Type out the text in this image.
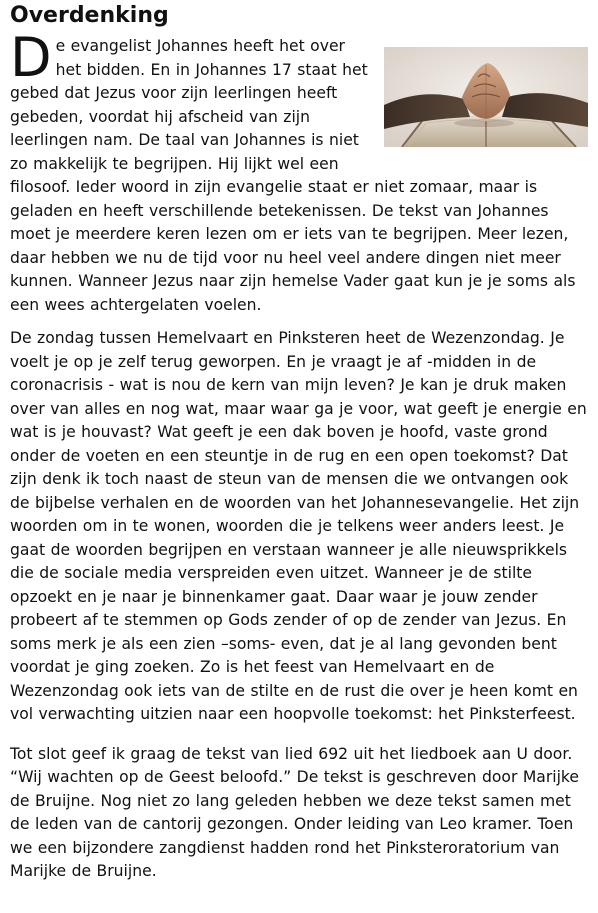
Overdenking
D e evangelist Johannes heeft het over het bidden. En in Johannes 17 staat het gebed dat Jezus voor zijn leerlingen heeft gebeden, voordat hij afscheid van zijn leerlingen nam. De taal van Johannes is niet zo makkelijk te begrijpen. Hij lijkt wel een filosoof. Ieder woord in zijn evangelie staat er niet zomaar, maar is geladen en heeft verschillende betekenissen. De tekst van Johannes moet je meerdere keren lezen om er iets van te begrijpen. Meer lezen, daar hebben we nu de tijd voor nu heel veel andere dingen niet meer kunnen. Wanneer Jezus naar zijn hemelse Vader gaat kun je je soms als een wees achtergelaten voelen.

De zondag tussen Hemelvaart en Pinksteren heet de Wezenzondag. Je voelt je op je zelf terug geworpen. En je vraagt je af -midden in de coronacrisis - wat is nou de kern van mijn leven? Je kan je druk maken over van alles en nog wat, maar waar ga je voor, wat geeft je energie en wat is je houvast? Wat geeft je een dak boven je hoofd, vaste grond onder de voeten en een steuntje in de rug en een open toekomst? Dat zijn denk ik toch naast de steun van de mensen die we ontvangen ook de bijbelse verhalen en de woorden van het Johannesevangelie. Het zijn woorden om in te wonen, woorden die je telkens weer anders leest. Je gaat de woorden begrijpen en verstaan wanneer je alle nieuwsprikkels die de sociale media verspreiden even uitzet. Wanneer je de stilte opzoekt en je naar je binnenkamer gaat. Daar waar je jouw zender probeert af te stemmen op Gods zender of op de zender van Jezus. En soms merk je als een zien –soms- even, dat je al lang gevonden bent voordat je ging zoeken. Zo is het feest van Hemelvaart en de Wezenzondag ook iets van de stilte en de rust die over je heen komt en vol verwachting uitzien naar een hoopvolle toekomst: het Pinksterfeest.

Tot slot geef ik graag de tekst van lied 692 uit het liedboek aan U door. “Wij wachten op de Geest beloofd.” De tekst is geschreven door Marijke de Bruijne. Nog niet zo lang geleden hebben we deze tekst samen met de leden van de cantorij gezongen. Onder leiding van Leo kramer. Toen we een bijzondere zangdienst hadden rond het Pinksteroratorium van Marijke de Bruijne.
